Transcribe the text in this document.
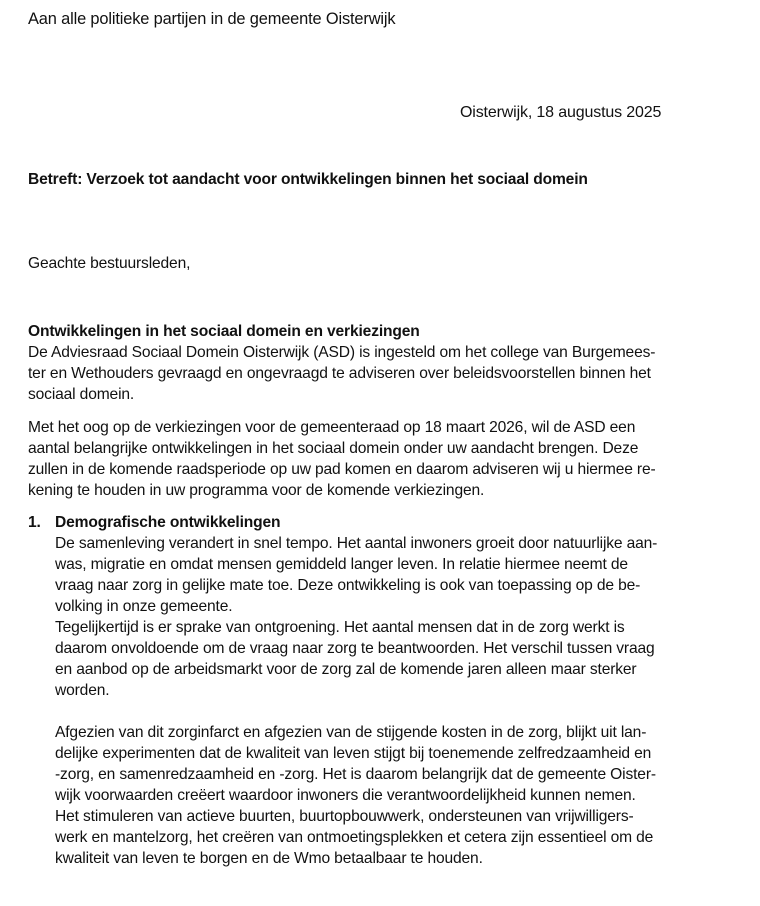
Aan alle politieke partijen in de gemeente Oisterwijk
Oisterwijk, 18 augustus 2025
Betreft: Verzoek tot aandacht voor ontwikkelingen binnen het sociaal domein
Geachte bestuursleden,
Ontwikkelingen in het sociaal domein en verkiezingen
De Adviesraad Sociaal Domein Oisterwijk (ASD) is ingesteld om het college van Burgemees-
ter en Wethouders gevraagd en ongevraagd te adviseren over beleidsvoorstellen binnen het
sociaal domein.
Met het oog op de verkiezingen voor de gemeenteraad op 18 maart 2026, wil de ASD een
aantal belangrijke ontwikkelingen in het sociaal domein onder uw aandacht brengen. Deze
zullen in de komende raadsperiode op uw pad komen en daarom adviseren wij u hiermee re-
kening te houden in uw programma voor de komende verkiezingen.
1. Demografische ontwikkelingen
De samenleving verandert in snel tempo. Het aantal inwoners groeit door natuurlijke aan-
was, migratie en omdat mensen gemiddeld langer leven. In relatie hiermee neemt de
vraag naar zorg in gelijke mate toe. Deze ontwikkeling is ook van toepassing op de be-
volking in onze gemeente.
Tegelijkertijd is er sprake van ontgroening. Het aantal mensen dat in de zorg werkt is
daarom onvoldoende om de vraag naar zorg te beantwoorden. Het verschil tussen vraag
en aanbod op de arbeidsmarkt voor de zorg zal de komende jaren alleen maar sterker
worden.
Afgezien van dit zorginfarct en afgezien van de stijgende kosten in de zorg, blijkt uit lan-
delijke experimenten dat de kwaliteit van leven stijgt bij toenemende zelfredzaamheid en
-zorg, en samenredzaamheid en -zorg. Het is daarom belangrijk dat de gemeente Oister-
wijk voorwaarden creëert waardoor inwoners die verantwoordelijkheid kunnen nemen.
Het stimuleren van actieve buurten, buurtopbouwwerk, ondersteunen van vrijwilligers-
werk en mantelzorg, het creëren van ontmoetingsplekken et cetera zijn essentieel om de
kwaliteit van leven te borgen en de Wmo betaalbaar te houden.
